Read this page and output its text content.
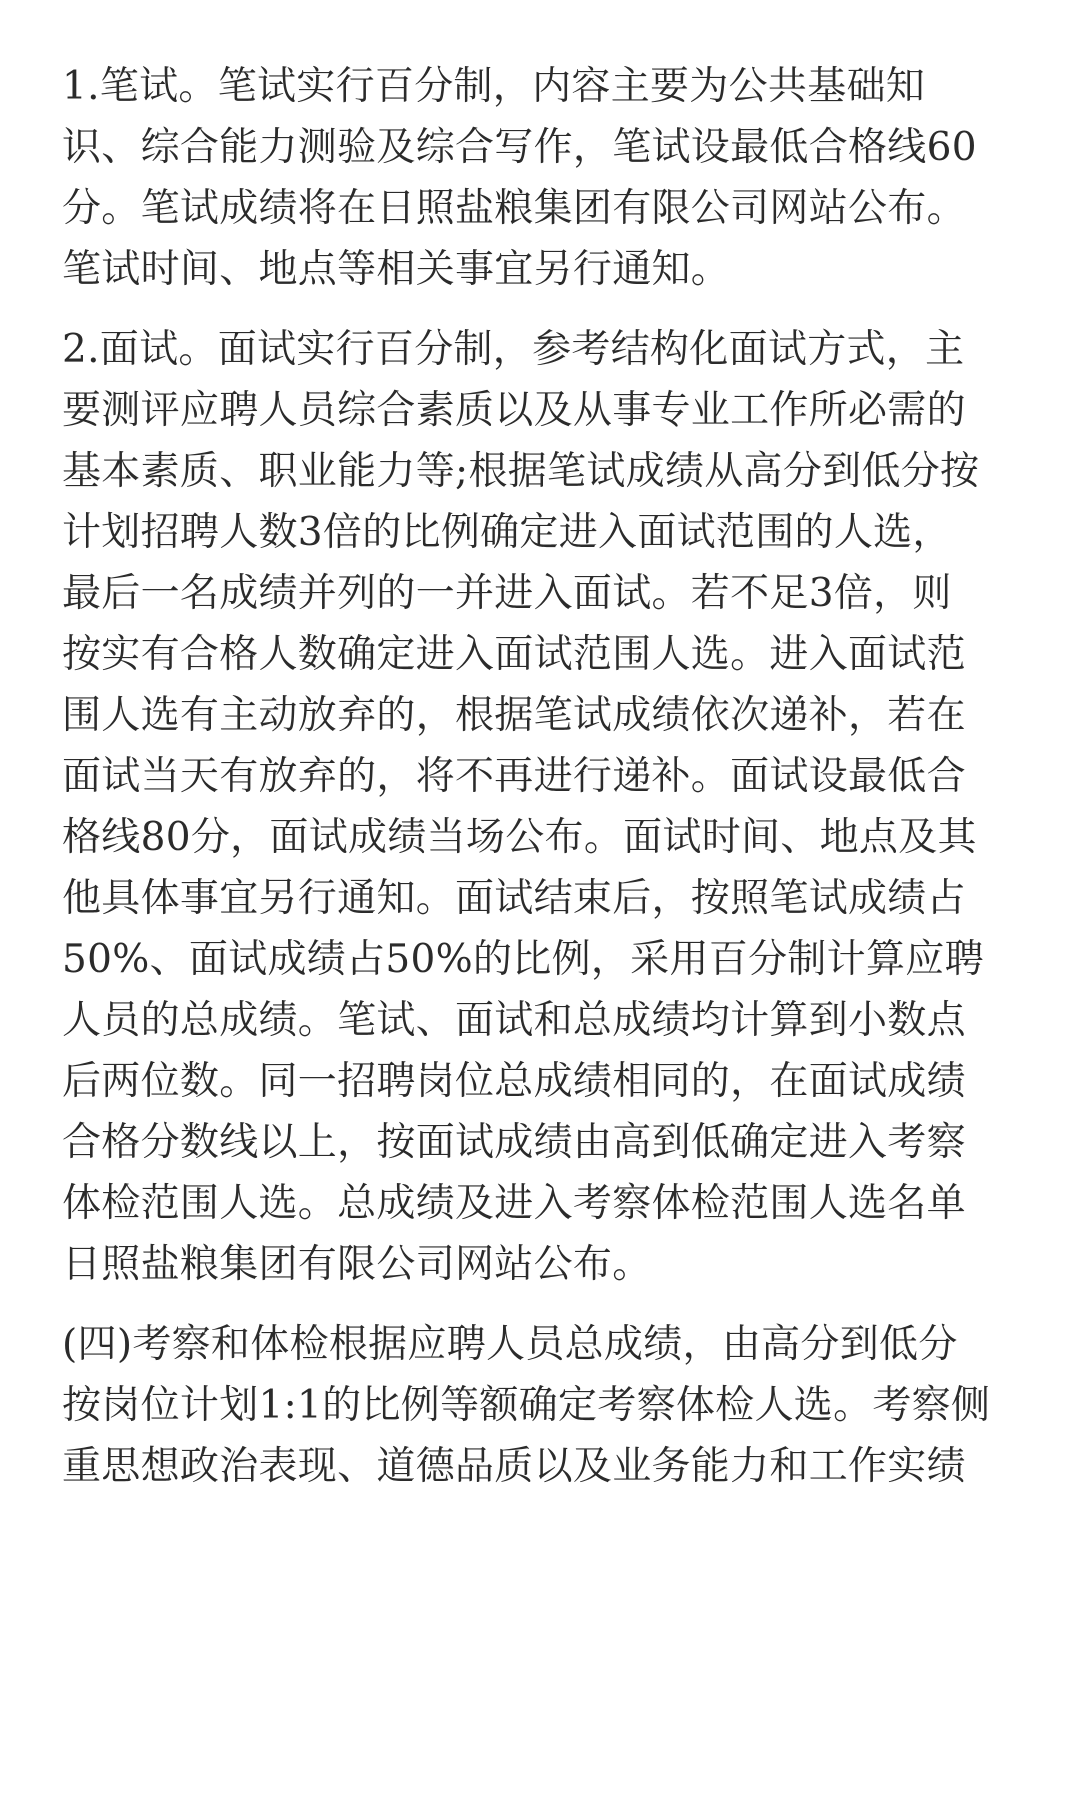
1.笔试。笔试实行百分制，内容主要为公共基础知
识、综合能力测验及综合写作，笔试设最低合格线60
分。笔试成绩将在日照盐粮集团有限公司网站公布。
笔试时间、地点等相关事宜另行通知。

2.面试。面试实行百分制，参考结构化面试方式，主
要测评应聘人员综合素质以及从事专业工作所必需的
基本素质、职业能力等;根据笔试成绩从高分到低分按
计划招聘人数3倍的比例确定进入面试范围的人选，
最后一名成绩并列的一并进入面试。若不足3倍，则
按实有合格人数确定进入面试范围人选。进入面试范
围人选有主动放弃的，根据笔试成绩依次递补，若在
面试当天有放弃的，将不再进行递补。面试设最低合
格线80分，面试成绩当场公布。面试时间、地点及其
他具体事宜另行通知。面试结束后，按照笔试成绩占
50%、面试成绩占50%的比例，采用百分制计算应聘
人员的总成绩。笔试、面试和总成绩均计算到小数点
后两位数。同一招聘岗位总成绩相同的，在面试成绩
合格分数线以上，按面试成绩由高到低确定进入考察
体检范围人选。总成绩及进入考察体检范围人选名单
日照盐粮集团有限公司网站公布。

(四)考察和体检根据应聘人员总成绩，由高分到低分
按岗位计划1:1的比例等额确定考察体检人选。考察侧
重思想政治表现、道德品质以及业务能力和工作实绩
